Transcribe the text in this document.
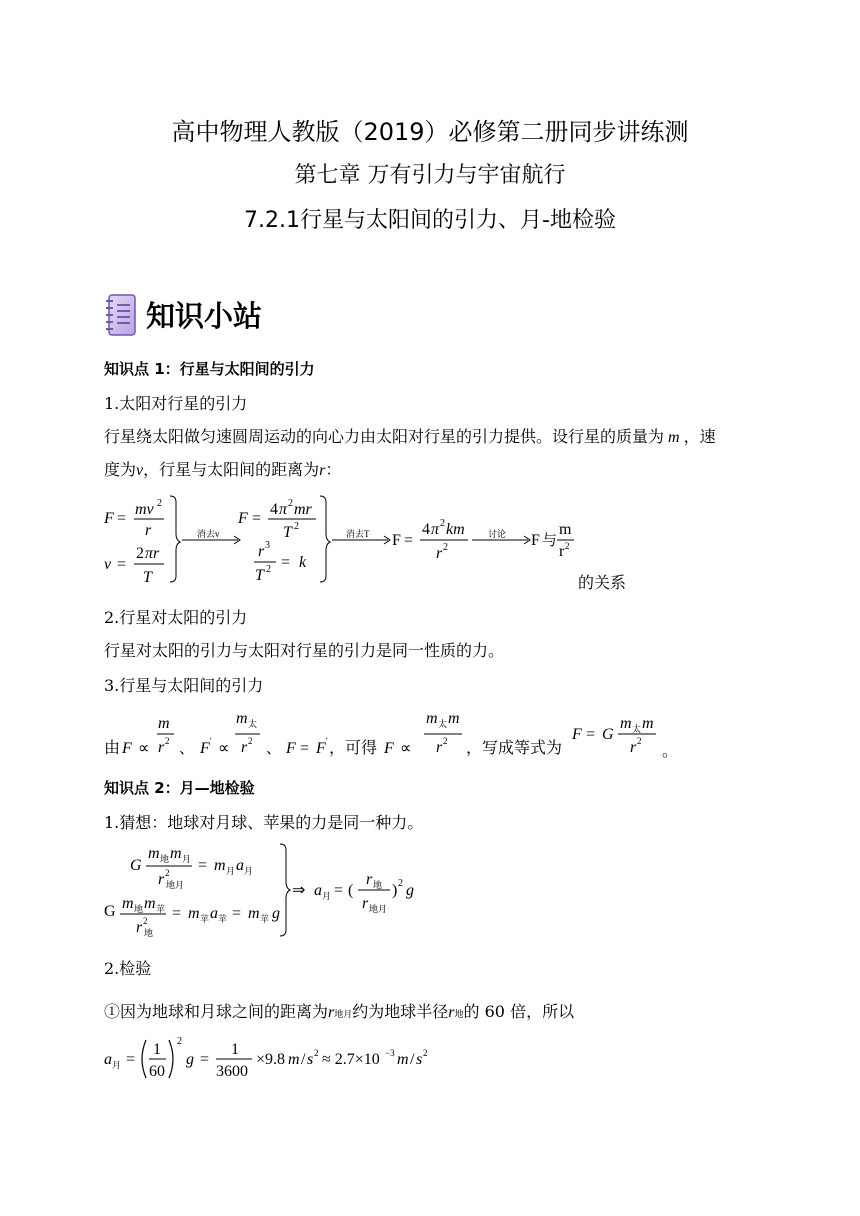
高中物理人教版（2019）必修第二册同步讲练测
第七章 万有引力与宇宙航行
7.2.1行星与太阳间的引力、月-地检验
知识小站
知识点 1：行星与太阳间的引力
1.太阳对行星的引力
行星绕太阳做匀速圆周运动的向心力由太阳对行星的引力提供。设行星的质量为 m ，速
度为v，行星与太阳间的距离为r：
F =
mv 2
r
v =
2 πr
T
消去v
F =
4 π 2 mr
T 2
r 3
T 2 = k
消去T F =
4 π 2 km
r 2
讨论 F 与
m
r 2
的关系
2.行星对太阳的引力
行星对太阳的引力与太阳对行星的引力是同一性质的力。
3.行星与太阳间的引力
由 F ∝
m
r 2 、 F ' ∝
m 太
r 2 、 F = F ' ，可得 F ∝
m 太 m
r 2 ，写成等式为
F = G
m 太 m
r 2
。
知识点 2：月—地检验
1.猜想：地球对月球、苹果的力是同一种力。
G
m 地 m 月
r 2
地月
= m 月 a 月
G m 地 m 苹
r 2
地
= m 苹 a 苹 = m 苹 g
⇒ a 月 = (
r 地
r 地月
) 2 g
2.检验
①因为地球和月球之间的距离为r地月约为地球半径r地的 60 倍，所以
a 月 =
1
60
2
g =
1
3600
×9.8 m / s 2 ≈ 2.7×10 −3 m / s 2
